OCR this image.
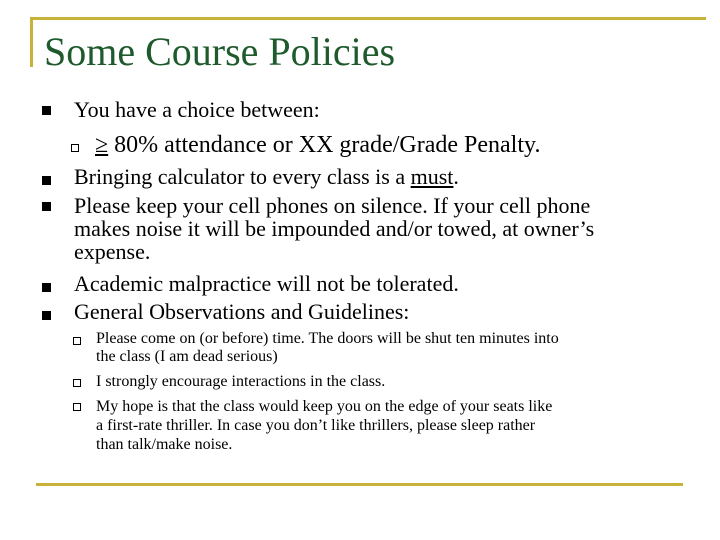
Some Course Policies
You have a choice between:
≥ 80% attendance or XX grade/Grade Penalty.
Bringing calculator to every class is a must.
Please keep your cell phones on silence. If your cell phone
makes noise it will be impounded and/or towed, at owner’s
expense.
Academic malpractice will not be tolerated.
General Observations and Guidelines:
Please come on (or before) time. The doors will be shut ten minutes into
the class (I am dead serious)
I strongly encourage interactions in the class.
My hope is that the class would keep you on the edge of your seats like
a first-rate thriller. In case you don’t like thrillers, please sleep rather
than talk/make noise.
